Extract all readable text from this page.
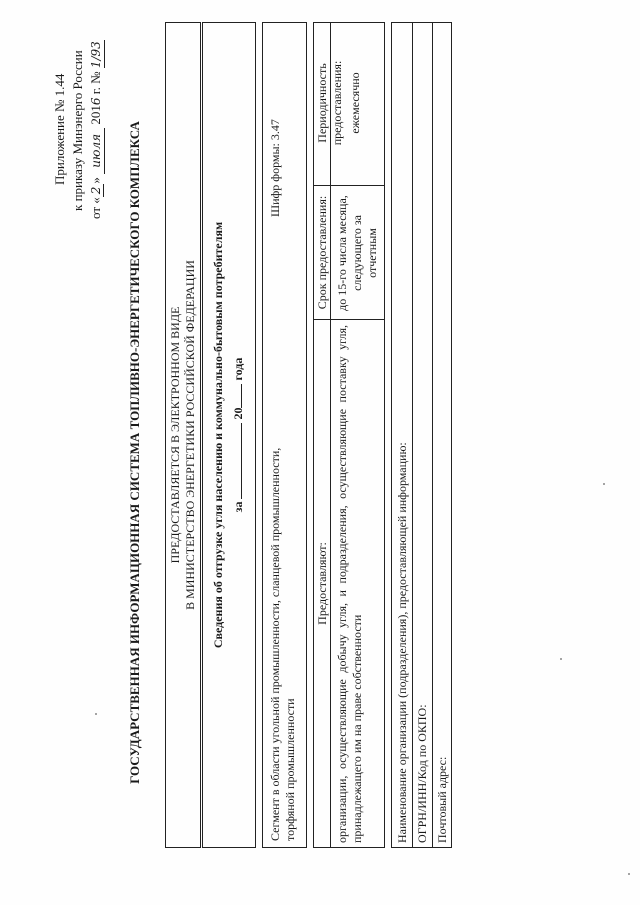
Приложение № 1.44 к приказу Минэнерго России от «2» июля 2016 г. № 1/93
ГОСУДАРСТВЕННАЯ ИНФОРМАЦИОННАЯ СИСТЕМА ТОПЛИВНО-ЭНЕРГЕТИЧЕСКОГО КОМПЛЕКСА ПРЕДОСТАВЛЯЕТСЯ В ЭЛЕКТРОННОМ ВИДЕ В МИНИСТЕРСТВО ЭНЕРГЕТИКИ РОССИЙСКОЙ ФЕДЕРАЦИИ	Сведения об отгрузке угля населению и коммунально-бытовым потребителям за  20 года
Сегмент в области угольной промышленности, сланцевой промышленности, торфяной промышленности
Шифр формы: 3.47
Предоставляют:
Срок предоставления:
Периодичность предоставления:
организации, осуществляющие добычу угля, и подразделения, осуществляющие поставку угля, принадлежащего им на праве собственности
до 15-го числа месяца, следующего за отчетным
ежемесячно
Наименование организации (подразделения), предоставляющей информацию: ОГРН/ИНН/Код по ОКПО: Почтовый адрес:
